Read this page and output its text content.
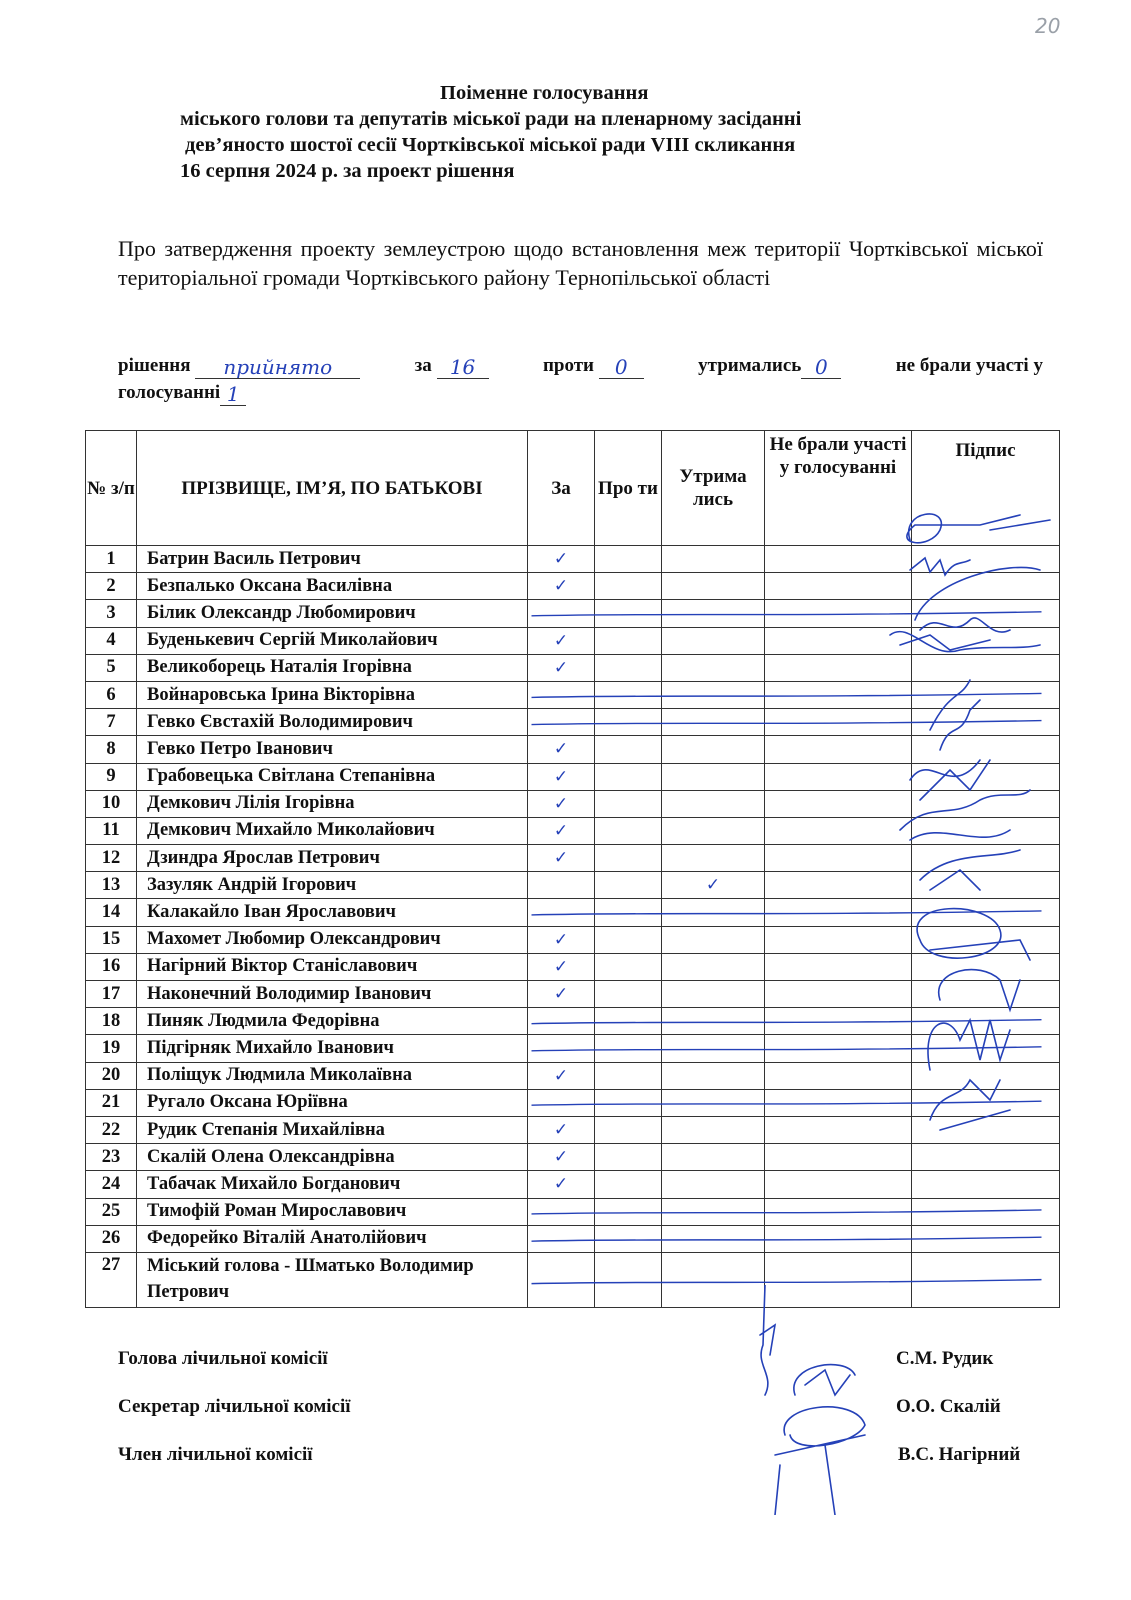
20
Поіменне голосування
міського голови та депутатів міської ради на пленарному засіданні
дев’яносто шостої сесії Чортківської міської ради VIII скликання
16 серпня 2024 р. за проект рішення
Про затвердження проекту землеустрою щодо встановлення меж території Чортківської міської територіальної громади Чортківського району Тернопільської області
рішення прийнято	за 16	проти 0	утримались 0	не брали участі у
голосуванні 1
№ з/п	ПРІЗВИЩЕ, ІМ’Я, ПО БАТЬКОВІ	За	Про ти	Утрима лись	Не брали участі у голосуванні	Підпис
1	Батрин Василь Петрович	✓				
2	Безпалько Оксана Василівна	✓				
3	Білик Олександр Любомирович					
4	Буденькевич Сергій Миколайович	✓				
5	Великоборець Наталія Ігорівна	✓				
6	Войнаровська Ірина Вікторівна					
7	Гевко Євстахій Володимирович					
8	Гевко Петро Іванович	✓				
9	Грабовецька Світлана Степанівна	✓				
10	Демкович Лілія Ігорівна	✓				
11	Демкович Михайло Миколайович	✓				
12	Дзиндра Ярослав Петрович	✓				
13	Зазуляк Андрій Ігорович			✓		
14	Калакайло Іван Ярославович					
15	Махомет Любомир Олександрович	✓				
16	Нагірний Віктор Станіславович	✓				
17	Наконечний Володимир Іванович	✓				
18	Пиняк Людмила Федорівна					
19	Підгірняк Михайло Іванович					
20	Поліщук Людмила Миколаївна	✓				
21	Ругало Оксана Юріївна					
22	Рудик Степанія Михайлівна	✓				
23	Скалій Олена Олександрівна	✓				
24	Табачак Михайло Богданович	✓				
25	Тимофій Роман Мирославович					
26	Федорейко Віталій Анатолійович					
27	Міський голова - Шматько Володимир Петрович					
Голова лічильної комісії	С.М. Рудик
Секретар лічильної комісії	О.О. Скалій
Член лічильної комісії	В.С. Нагірний
